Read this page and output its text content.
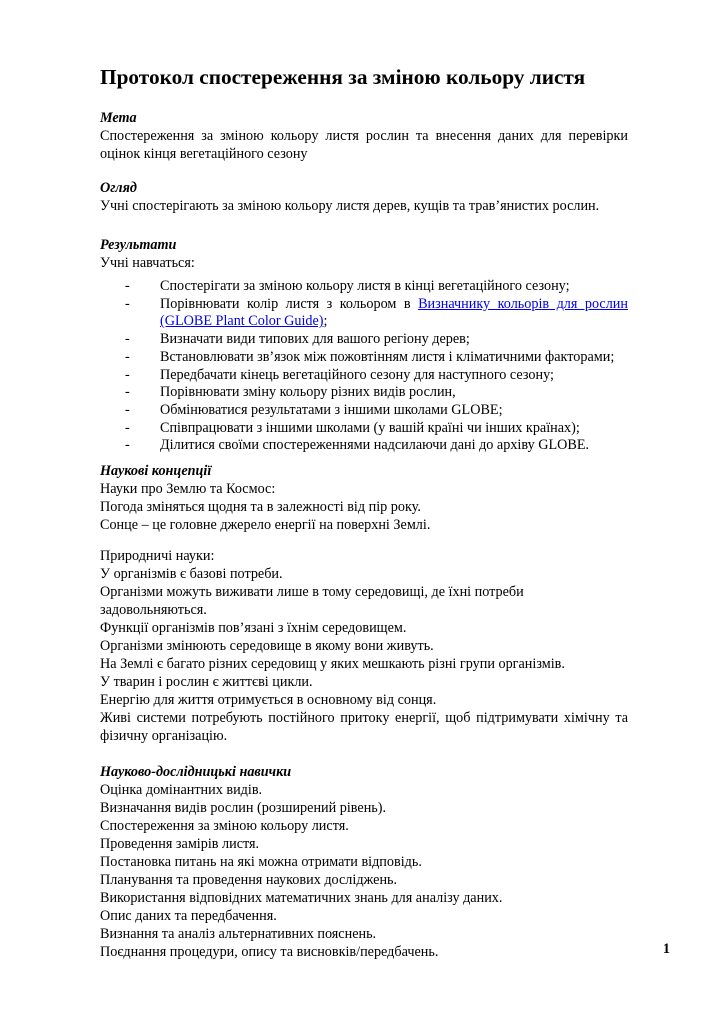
Протокол спостереження за зміною кольору листя

Мета

Спостереження за зміною кольору листя рослин та внесення даних для перевірки оцінок кінця вегетаційного сезону

Огляд

Учні спостерігають за зміною кольору листя дерев, кущів та трав’янистих рослин.

Результати

Учні навчаться:

-	Спостерігати за зміною кольору листя в кінці вегетаційного сезону;
-	Порівнювати колір листя з кольором в Визначнику кольорів для рослин (GLOBE Plant Color Guide);
-	Визначати види типових для вашого регіону дерев;
-	Встановлювати зв’язок між пожовтінням листя і кліматичними факторами;
-	Передбачати кінець вегетаційного сезону для наступного сезону;
-	Порівнювати зміну кольору різних видів рослин,
-	Обмінюватися результатами з іншими школами GLOBE;
-	Співпрацювати з іншими школами (у вашій країні чи інших країнах);
-	Ділитися своїми спостереженнями надсилаючи дані до архіву GLOBE.

Наукові концепції

Науки про Землю та Космос:

Погода зміняться щодня та в залежності від пір року.

Сонце – це головне джерело енергії на поверхні Землі.

Природничі науки:

У організмів є базові потреби.

Організми можуть виживати лише в тому середовищі, де їхні потреби задовольняються.

Функції організмів пов’язані з їхнім середовищем.

Організми змінюють середовище в якому вони живуть.

На Землі є багато різних середовищ у яких мешкають різні групи організмів.

У тварин і рослин є життєві цикли.

Енергію для життя отримується в основному від сонця.

Живі системи потребують постійного притоку енергії, щоб підтримувати хімічну та фізичну організацію.

Науково-дослідницькі навички

Оцінка домінантних видів.

Визначання видів рослин (розширений рівень).

Спостереження за зміною кольору листя.

Проведення замірів листя.

Постановка питань на які можна отримати відповідь.

Планування та проведення наукових досліджень.

Використання відповідних математичних знань для аналізу даних.

Опис даних та передбачення.

Визнання та аналіз альтернативних пояснень.

Поєднання процедури, опису та висновків/передбачень.	1
